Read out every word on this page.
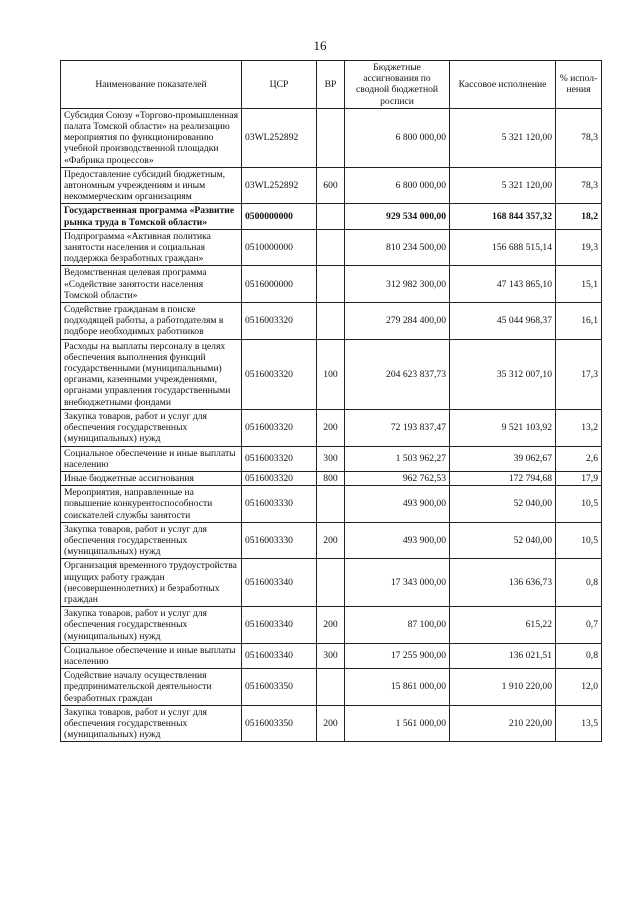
16
Наименование показателей	ЦСР	ВР	Бюджетные ассигнования по сводной бюджетной росписи	Кассовое исполнение	% испол-нения
Субсидия Союзу «Торгово-промышленная палата Томской области» на реализацию мероприятия по функционированию учебной производственной площадки «Фабрика процессов»	03WL252892		6 800 000,00	5 321 120,00	78,3
Предоставление субсидий бюджетным, автономным учреждениям и иным некоммерческим организациям	03WL252892	600	6 800 000,00	5 321 120,00	78,3
Государственная программа «Развитие рынка труда в Томской области»	0500000000		929 534 000,00	168 844 357,32	18,2
Подпрограмма «Активная политика занятости населения и социальная поддержка безработных граждан»	0510000000		810 234 500,00	156 688 515,14	19,3
Ведомственная целевая программа «Содействие занятости населения Томской области»	0516000000		312 982 300,00	47 143 865,10	15,1
Содействие гражданам в поиске подходящей работы, а работодателям в подборе необходимых работников	0516003320		279 284 400,00	45 044 968,37	16,1
Расходы на выплаты персоналу в целях обеспечения выполнения функций государственными (муниципальными) органами, казенными учреждениями, органами управления государственными внебюджетными фондами	0516003320	100	204 623 837,73	35 312 007,10	17,3
Закупка товаров, работ и услуг для обеспечения государственных (муниципальных) нужд	0516003320	200	72 193 837,47	9 521 103,92	13,2
Социальное обеспечение и иные выплаты населению	0516003320	300	1 503 962,27	39 062,67	2,6
Иные бюджетные ассигнования	0516003320	800	962 762,53	172 794,68	17,9
Мероприятия, направленные на повышение конкурентоспособности соискателей службы занятости	0516003330		493 900,00	52 040,00	10,5
Закупка товаров, работ и услуг для обеспечения государственных (муниципальных) нужд	0516003330	200	493 900,00	52 040,00	10,5
Организация временного трудоустройства ищущих работу граждан (несовершеннолетних) и безработных граждан	0516003340		17 343 000,00	136 636,73	0,8
Закупка товаров, работ и услуг для обеспечения государственных (муниципальных) нужд	0516003340	200	87 100,00	615,22	0,7
Социальное обеспечение и иные выплаты населению	0516003340	300	17 255 900,00	136 021,51	0,8
Содействие началу осуществления предпринимательской деятельности безработных граждан	0516003350		15 861 000,00	1 910 220,00	12,0
Закупка товаров, работ и услуг для обеспечения государственных (муниципальных) нужд	0516003350	200	1 561 000,00	210 220,00	13,5
